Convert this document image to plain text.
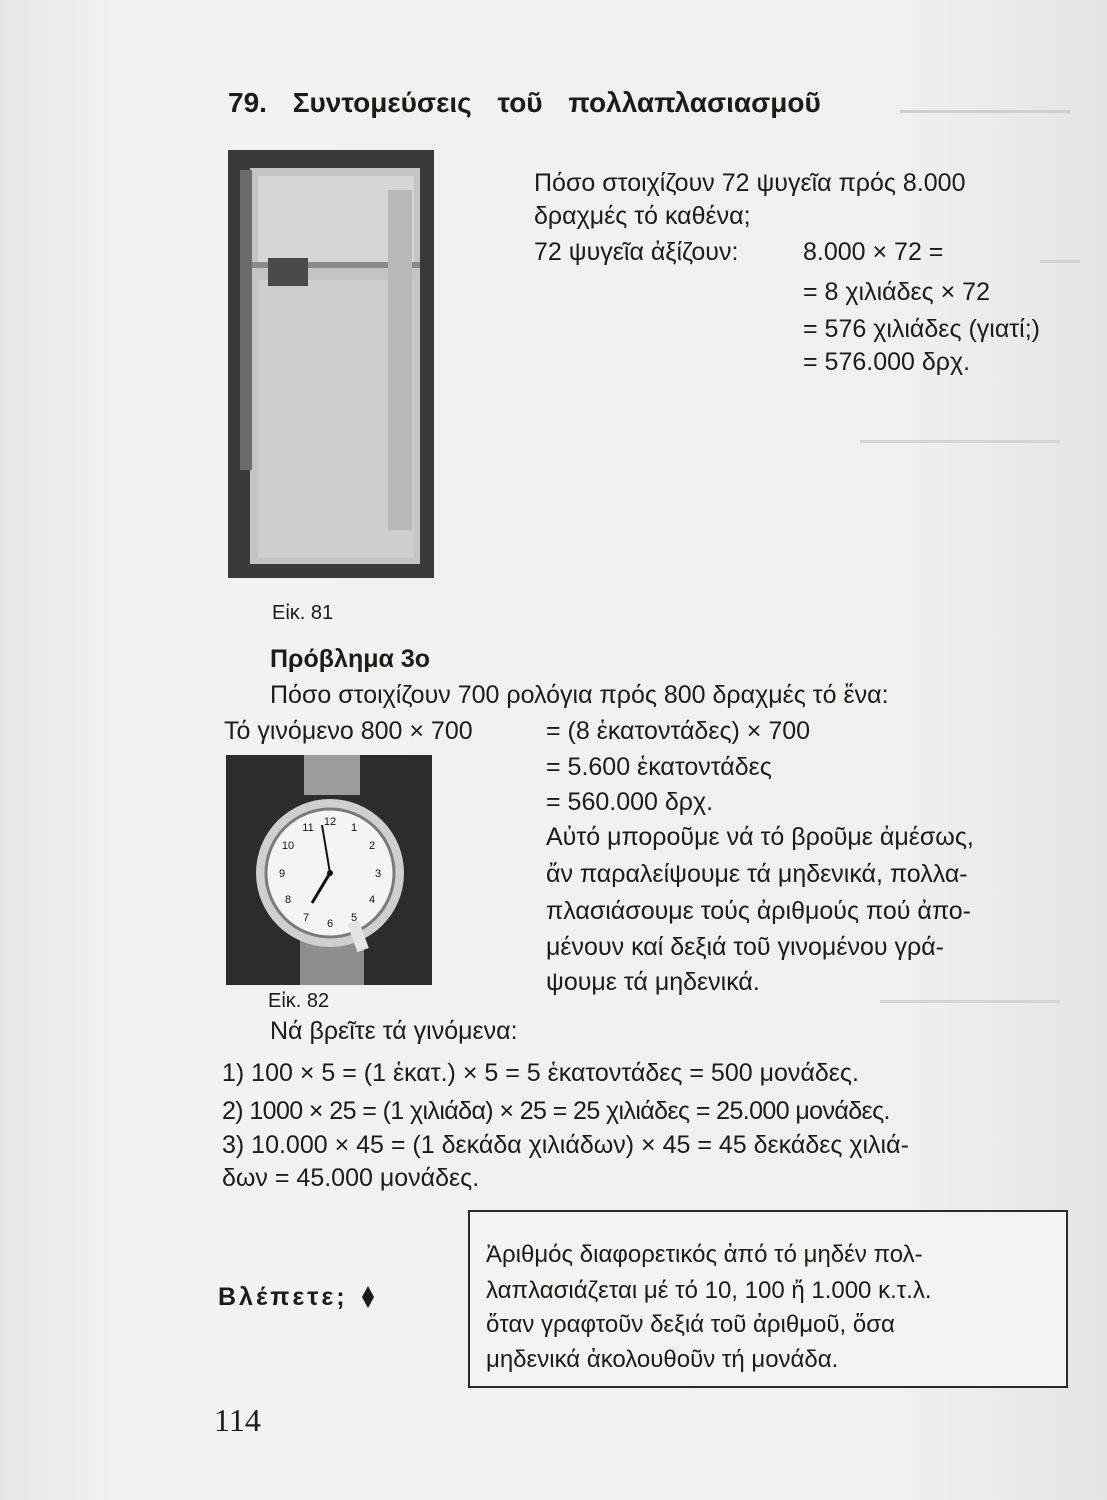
79. Συντομεύσεις τοῦ πολλαπλασιασμοῦ
Εἰκ. 81
Πόσο στοιχίζουν 72 ψυγεῖα πρός 8.000
δραχμές τό καθένα;
72 ψυγεῖα ἀξίζουν:	8.000 × 72 =
= 8 χιλιάδες × 72
= 576 χιλιάδες (γιατί;)
= 576.000 δρχ.
Πρόβλημα 3ο
Πόσο στοιχίζουν 700 ρολόγια πρός 800 δραχμές τό ἕνα:
Τό γινόμενο 800 × 700	= (8 ἑκατοντάδες) × 700
= 5.600 ἑκατοντάδες
= 560.000 δρχ.
Αὐτό μποροῦμε νά τό βροῦμε ἀμέσως,
ἄν παραλείψουμε τά μηδενικά, πολλα-
πλασιάσουμε τούς ἀριθμούς πού ἀπο-
μένουν καί δεξιά τοῦ γινομένου γρά-
ψουμε τά μηδενικά.
12 1
2
3
4
5
6
7
8
9
10
11
Εἰκ. 82
Νά βρεῖτε τά γινόμενα:
1) 100 × 5 = (1 ἑκατ.) × 5 = 5 ἑκατοντάδες = 500 μονάδες.
2) 1000 × 25 = (1 χιλιάδα) × 25 = 25 χιλιάδες = 25.000 μονάδες.
3) 10.000 × 45 = (1 δεκάδα χιλιάδων) × 45 = 45 δεκάδες χιλιά-
δων = 45.000 μονάδες.
Ἀριθμός διαφορετικός ἀπό τό μηδέν πολ-
λαπλασιάζεται μέ τό 10, 100 ἤ 1.000 κ.τ.λ.
ὅταν γραφτοῦν δεξιά τοῦ ἀριθμοῦ, ὅσα
μηδενικά ἀκολουθοῦν τή μονάδα.
Βλέπετε;
114
